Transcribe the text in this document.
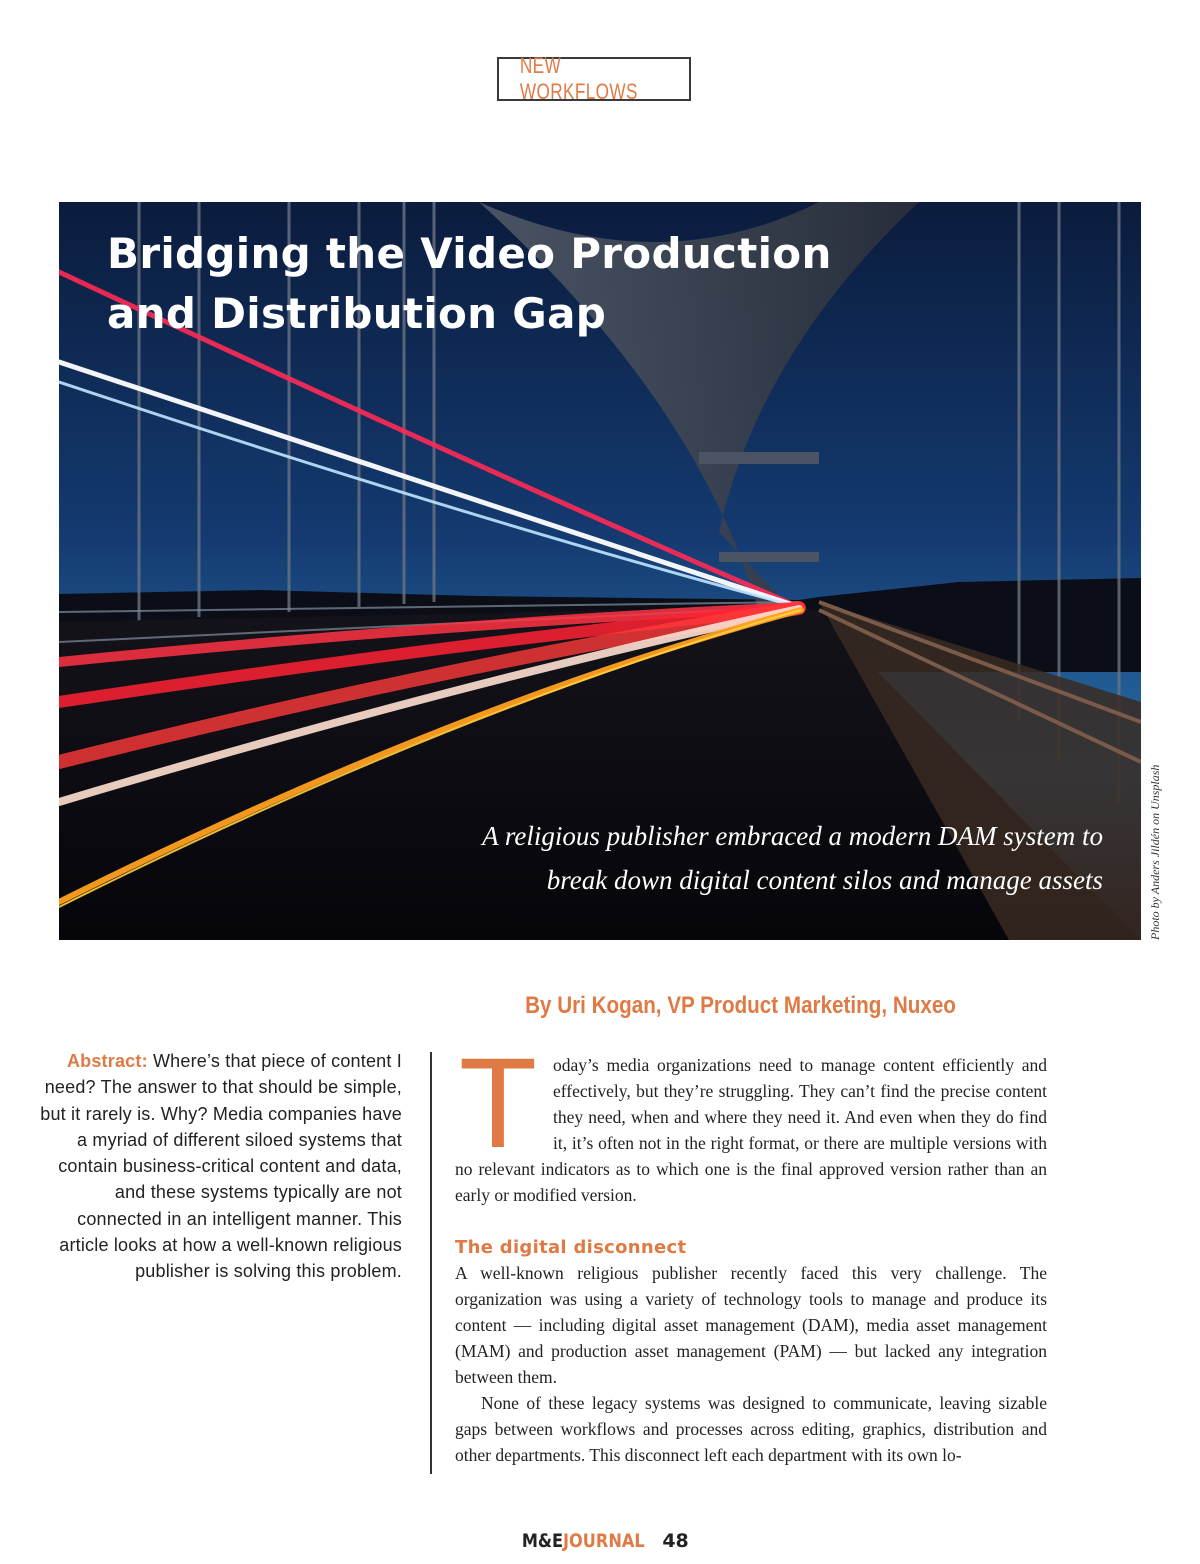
NEW WORKFLOWS
Bridging the Video Production
and Distribution Gap
A religious publisher embraced a modern DAM system to
break down digital content silos and manage assets	Photo by Anders Jildén on Unsplash
By Uri Kogan, VP Product Marketing, Nuxeo
Abstract: Where’s that piece of content I need? The answer to that should be simple, but it rarely is. Why? Media companies have a myriad of different siloed systems that contain business-critical content and data, and these systems typically are not connected in an intelligent manner. This article looks at how a well-known religious publisher is solving this problem.
T oday’s media organizations need to manage content efficiently and effectively, but they’re struggling. They can’t find the precise content they need, when and where they need it. And even when they do find it, it’s often not in the right format, or there are multiple versions with no relevant indicators as to which one is the final approved version rather than an early or modified version.

The digital disconnect

A well-known religious publisher recently faced this very challenge. The organization was using a variety of technology tools to manage and produce its content — including digital asset management (DAM), media asset management (MAM) and production asset management (PAM) — but lacked any integration between them.

None of these legacy systems was designed to communicate, leaving sizable gaps between workflows and processes across editing, graphics, distribution and other departments. This disconnect left each department with its own lo-

M&EJOURNAL 48
